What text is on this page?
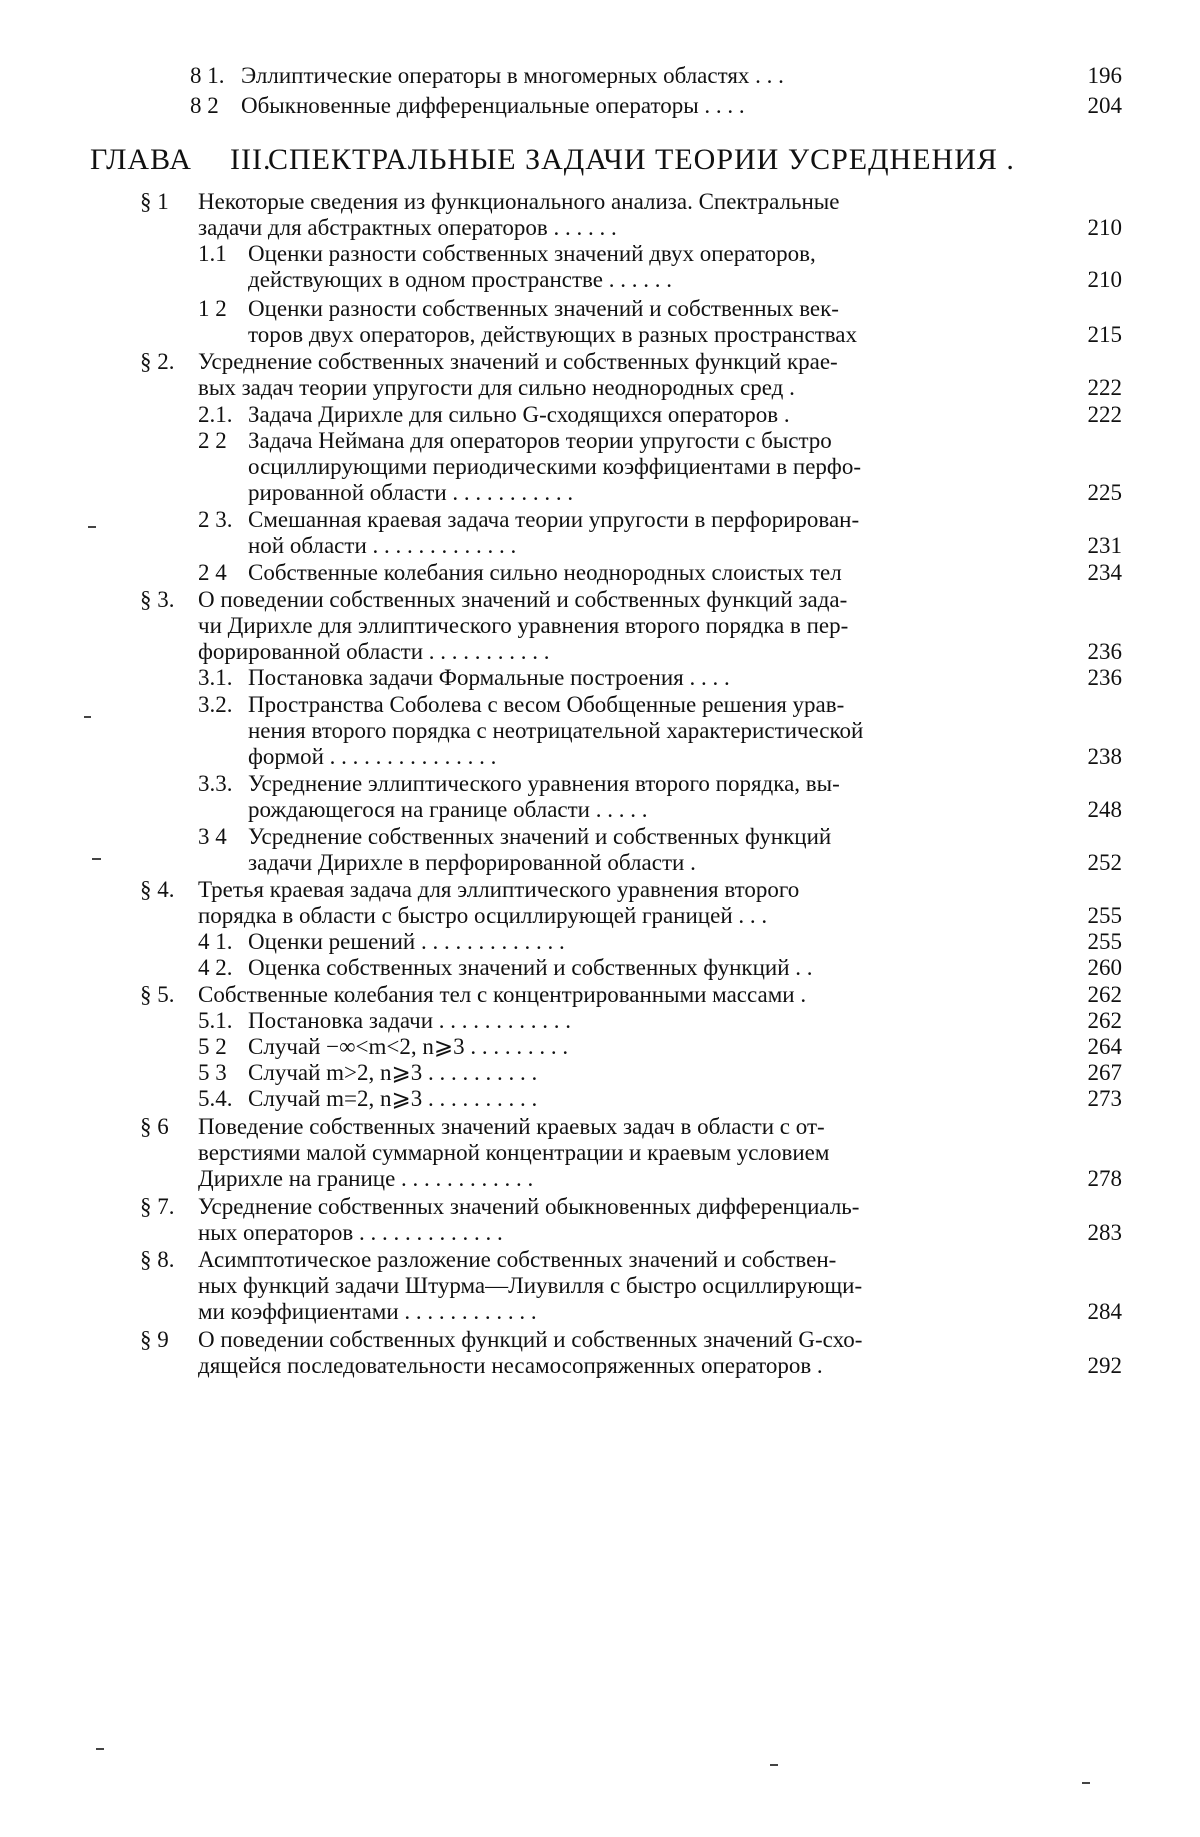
8 1. Эллиптические операторы в многомерных областях . . .	196
8 2 Обыкновенные дифференциальные операторы . . . .	204
ГЛАВА III.
СПЕКТРАЛЬНЫЕ ЗАДАЧИ ТЕОРИИ УСРЕДНЕНИЯ .
§ 1 Некоторые сведения из функционального анализа. Спектральные
задачи для абстрактных операторов . . . . . .	210
1.1 Оценки разности собственных значений двух операторов,
действующих в одном пространстве . . . . . .	210
1 2 Оценки разности собственных значений и собственных век-
торов двух операторов, действующих в разных пространствах	215
§ 2. Усреднение собственных значений и собственных функций крае-
вых задач теории упругости для сильно неоднородных сред .	222
2.1. Задача Дирихле для сильно G-сходящихся операторов .	222
2 2 Задача Неймана для операторов теории упругости с быстро
осциллирующими периодическими коэффициентами в перфо-
рированной области . . . . . . . . . . .	225
2 3. Смешанная краевая задача теории упругости в перфорирован-
ной области . . . . . . . . . . . . .	231
2 4 Собственные колебания сильно неоднородных слоистых тел	234
§ 3. О поведении собственных значений и собственных функций зада-
чи Дирихле для эллиптического уравнения второго порядка в пер-
форированной области . . . . . . . . . . .	236
3.1. Постановка задачи Формальные построения . . . .	236
3.2. Пространства Соболева с весом Обобщенные решения урав-
нения второго порядка с неотрицательной характеристической
формой . . . . . . . . . . . . . . .	238
3.3. Усреднение эллиптического уравнения второго порядка, вы-
рождающегося на границе области . . . . .	248
3 4 Усреднение собственных значений и собственных функций
задачи Дирихле в перфорированной области .	252
§ 4. Третья краевая задача для эллиптического уравнения второго
порядка в области с быстро осциллирующей границей . . .	255
4 1. Оценки решений . . . . . . . . . . . . .	255
4 2. Оценка собственных значений и собственных функций . .	260
§ 5. Собственные колебания тел с концентрированными массами .	262
5.1. Постановка задачи . . . . . . . . . . . .	262
5 2 Случай −∞<m<2, n⩾3 . . . . . . . . .	264
5 3 Случай m>2, n⩾3 . . . . . . . . . .	267
5.4. Случай m=2, n⩾3 . . . . . . . . . .	273
§ 6 Поведение собственных значений краевых задач в области с от-
верстиями малой суммарной концентрации и краевым условием
Дирихле на границе . . . . . . . . . . . .	278
§ 7. Усреднение собственных значений обыкновенных дифференциаль-
ных операторов . . . . . . . . . . . . .	283
§ 8. Асимптотическое разложение собственных значений и собствен-
ных функций задачи Штурма—Лиувилля с быстро осциллирующи-
ми коэффициентами . . . . . . . . . . . .	284
§ 9 О поведении собственных функций и собственных значений G-схо-
дящейся последовательности несамосопряженных операторов .	292
